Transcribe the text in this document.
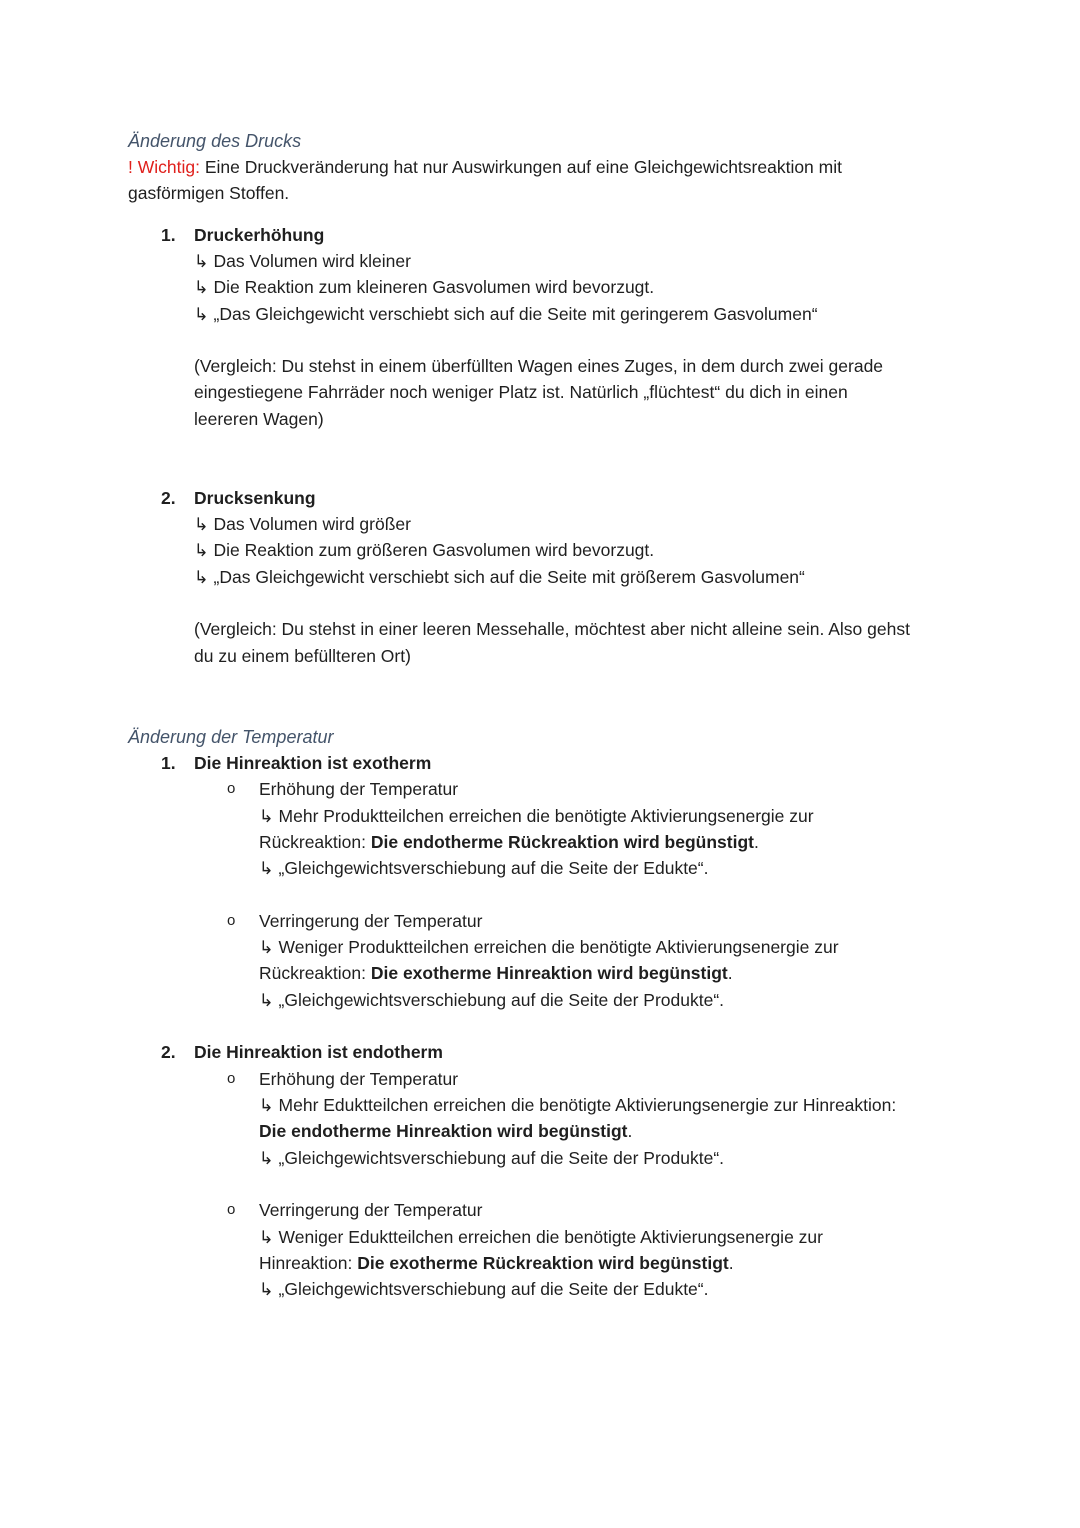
Änderung des Drucks
! Wichtig: Eine Druckveränderung hat nur Auswirkungen auf eine Gleichgewichtsreaktion mit
gasförmigen Stoffen.
1. Druckerhöhung
↳ Das Volumen wird kleiner
↳ Die Reaktion zum kleineren Gasvolumen wird bevorzugt.
↳ „Das Gleichgewicht verschiebt sich auf die Seite mit geringerem Gasvolumen“
(Vergleich: Du stehst in einem überfüllten Wagen eines Zuges, in dem durch zwei gerade
eingestiegene Fahrräder noch weniger Platz ist. Natürlich „flüchtest“ du dich in einen
leereren Wagen)
2. Drucksenkung
↳ Das Volumen wird größer
↳ Die Reaktion zum größeren Gasvolumen wird bevorzugt.
↳ „Das Gleichgewicht verschiebt sich auf die Seite mit größerem Gasvolumen“
(Vergleich: Du stehst in einer leeren Messehalle, möchtest aber nicht alleine sein. Also gehst
du zu einem befüllteren Ort)
Änderung der Temperatur
1. Die Hinreaktion ist exotherm
o Erhöhung der Temperatur
↳ Mehr Produktteilchen erreichen die benötigte Aktivierungsenergie zur
Rückreaktion: Die endotherme Rückreaktion wird begünstigt.
↳ „Gleichgewichtsverschiebung auf die Seite der Edukte“.
o Verringerung der Temperatur
↳ Weniger Produktteilchen erreichen die benötigte Aktivierungsenergie zur
Rückreaktion: Die exotherme Hinreaktion wird begünstigt.
↳ „Gleichgewichtsverschiebung auf die Seite der Produkte“.
2. Die Hinreaktion ist endotherm
o Erhöhung der Temperatur
↳ Mehr Eduktteilchen erreichen die benötigte Aktivierungsenergie zur Hinreaktion:
Die endotherme Hinreaktion wird begünstigt.
↳ „Gleichgewichtsverschiebung auf die Seite der Produkte“.
o Verringerung der Temperatur
↳ Weniger Eduktteilchen erreichen die benötigte Aktivierungsenergie zur
Hinreaktion: Die exotherme Rückreaktion wird begünstigt.
↳ „Gleichgewichtsverschiebung auf die Seite der Edukte“.
